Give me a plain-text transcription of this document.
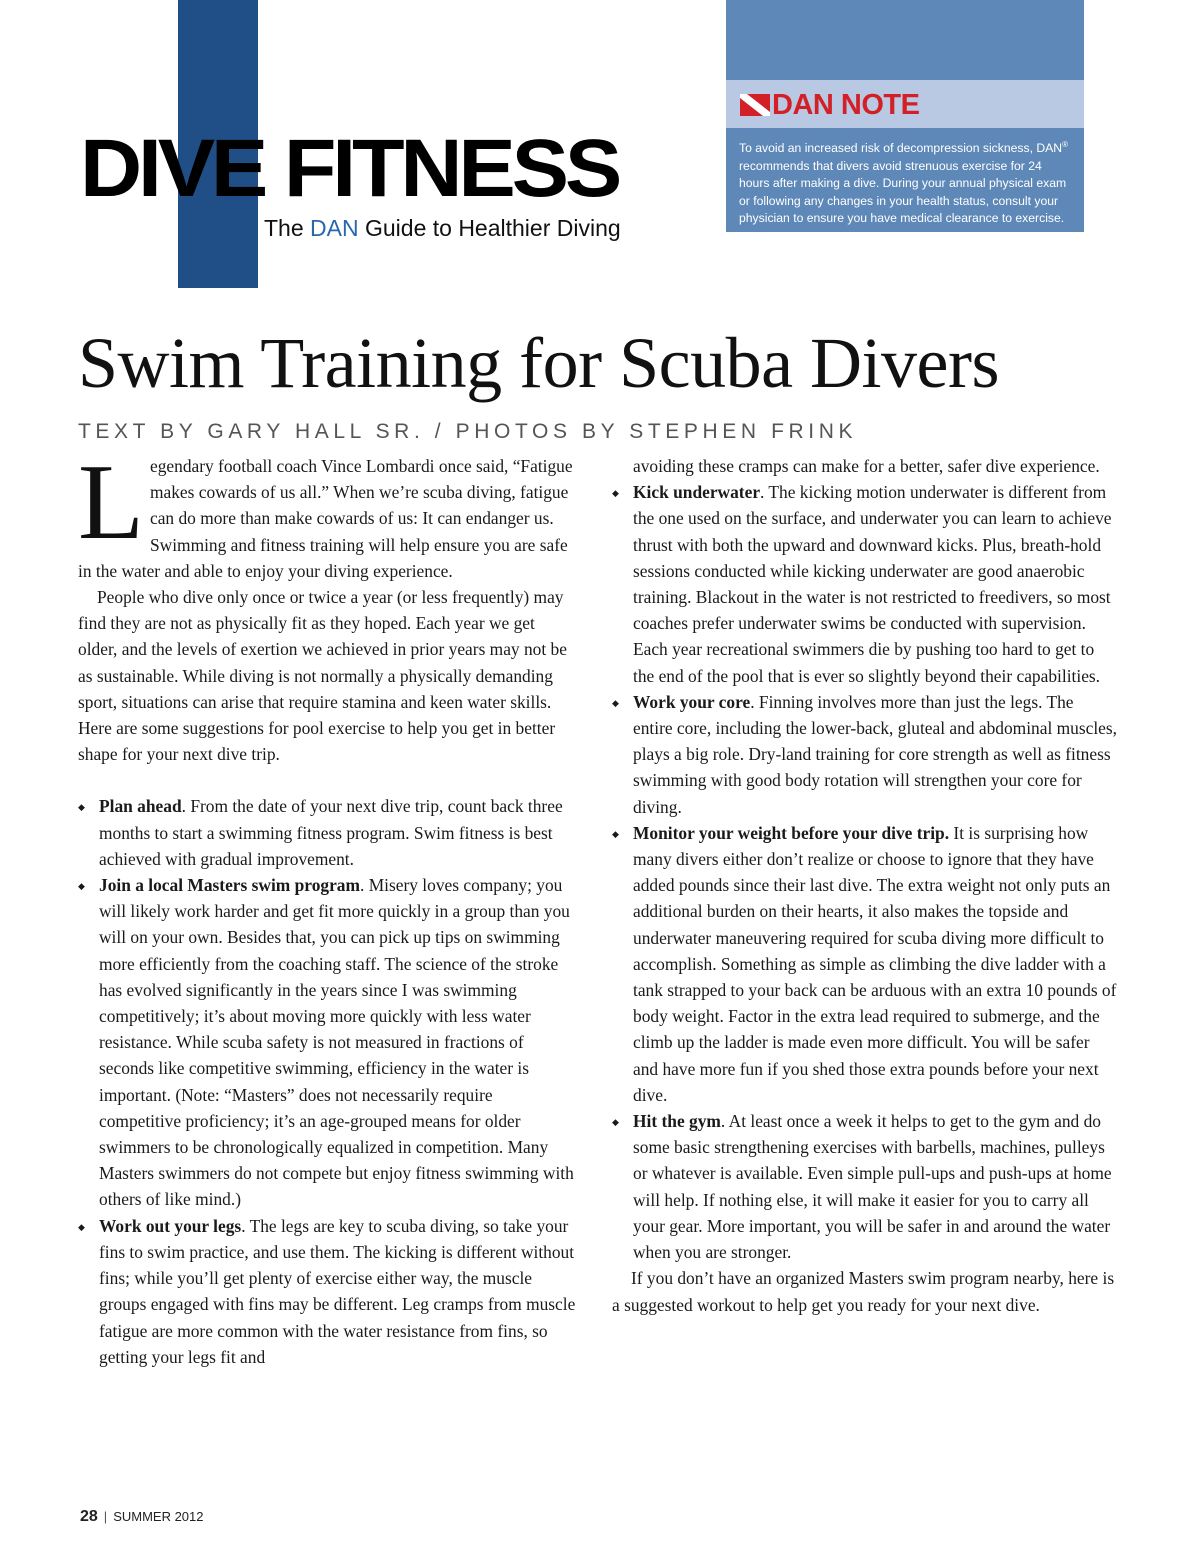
DIVE FITNESS
The DAN Guide to Healthier Diving
DAN NOTE

To avoid an increased risk of decompression sickness, DAN® recommends that divers avoid strenuous exercise for 24 hours after making a dive. During your annual physical exam or following any changes in your health status, consult your physician to ensure you have medical clearance to exercise.

Swim Training for Scuba Divers
TEXT BY GARY HALL SR. / PHOTOS BY STEPHEN FRINK

Legendary football coach Vince Lombardi once said, “Fatigue makes cowards of us all.” When we’re scuba diving, fatigue can do more than make cowards of us: It can endanger us. Swimming and fitness training will help ensure you are safe in the water and able to enjoy your diving experience.

People who dive only once or twice a year (or less frequently) may find they are not as physically fit as they hoped. Each year we get older, and the levels of exertion we achieved in prior years may not be as sustainable. While diving is not normally a physically demanding sport, situations can arise that require stamina and keen water skills. Here are some suggestions for pool exercise to help you get in better shape for your next dive trip.

◆ Plan ahead. From the date of your next dive trip, count back three months to start a swimming fitness program. Swim fitness is best achieved with gradual improvement.
◆ Join a local Masters swim program. Misery loves company; you will likely work harder and get fit more quickly in a group than you will on your own. Besides that, you can pick up tips on swimming more efficiently from the coaching staff. The science of the stroke has evolved significantly in the years since I was swimming competitively; it’s about moving more quickly with less water resistance. While scuba safety is not measured in fractions of seconds like competitive swimming, efficiency in the water is important. (Note: “Masters” does not necessarily require competitive proficiency; it’s an age-grouped means for older swimmers to be chronologically equalized in competition. Many Masters swimmers do not compete but enjoy fitness swimming with others of like mind.)
◆ Work out your legs. The legs are key to scuba diving, so take your fins to swim practice, and use them. The kicking is different without fins; while you’ll get plenty of exercise either way, the muscle groups engaged with fins may be different. Leg cramps from muscle fatigue are more common with the water resistance from fins, so getting your legs fit and

avoiding these cramps can make for a better, safer dive experience.

◆ Kick underwater. The kicking motion underwater is different from the one used on the surface, and underwater you can learn to achieve thrust with both the upward and downward kicks. Plus, breath-hold sessions conducted while kicking underwater are good anaerobic training. Blackout in the water is not restricted to freedivers, so most coaches prefer underwater swims be conducted with supervision. Each year recreational swimmers die by pushing too hard to get to the end of the pool that is ever so slightly beyond their capabilities.
◆ Work your core. Finning involves more than just the legs. The entire core, including the lower-back, gluteal and abdominal muscles, plays a big role. Dry-land training for core strength as well as fitness swimming with good body rotation will strengthen your core for diving.
◆ Monitor your weight before your dive trip. It is surprising how many divers either don’t realize or choose to ignore that they have added pounds since their last dive. The extra weight not only puts an additional burden on their hearts, it also makes the topside and underwater maneuvering required for scuba diving more difficult to accomplish. Something as simple as climbing the dive ladder with a tank strapped to your back can be arduous with an extra 10 pounds of body weight. Factor in the extra lead required to submerge, and the climb up the ladder is made even more difficult. You will be safer and have more fun if you shed those extra pounds before your next dive.
◆ Hit the gym. At least once a week it helps to get to the gym and do some basic strengthening exercises with barbells, machines, pulleys or whatever is available. Even simple pull-ups and push-ups at home will help. If nothing else, it will make it easier for you to carry all your gear. More important, you will be safer in and around the water when you are stronger.

If you don’t have an organized Masters swim program nearby, here is a suggested workout to help get you ready for your next dive.

28 | SUMMER 2012
